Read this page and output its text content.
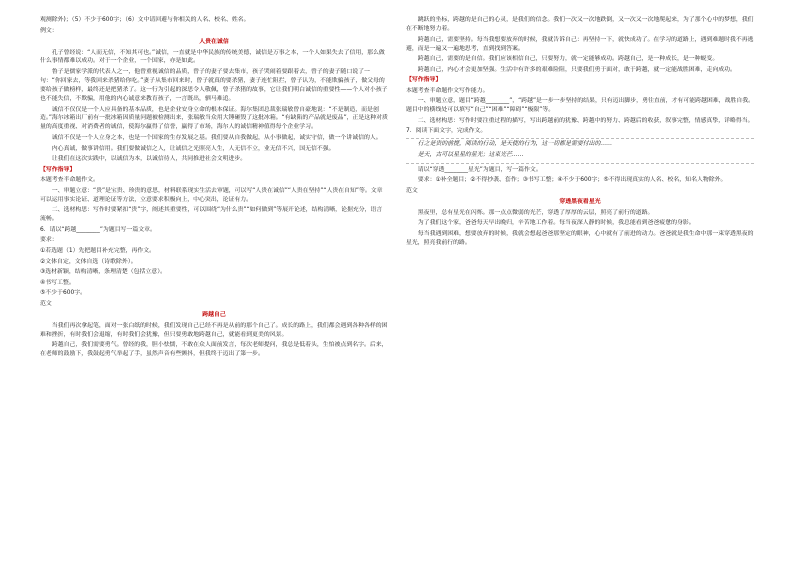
观测除外)；（5）不少于600字；（6）文中请回避与你相关的人名、校名、姓名。

例文：

人贵在诚信

孔子曾经说：“人而无信，不知其可也。”诚信，一直就是中华民族的传统美德，诚信是万事之本，一个人如果失去了信用，那么做什么事情都难以成功。对于一个企业，一个国家，亦是如此。

鲁子是儒家学派的代表人之一，他曾重视诚信的品质，曾子的妻子要去集市，孩子哭闹着要跟着去，曾子的妻子随口说了一句：“你回家去，等我回来杀猪给你吃。”妻子从集市回来时，曾子就真的要杀猪，妻子连忙阻拦，曾子认为，不能欺骗孩子，做父母的要给孩子做榜样，最终还是把猪杀了。这一行为引起的深思令人敬佩，曾子杀猪的故事，它让我们明白诚信的重要性——个人对小孩子也不能失信，不欺骗，用他的内心诚意来教育孩子，一言既出，驷马难追。

诚信不仅仅是一个人应具备的基本品质，也是企业安身立命的根本保证。海尔集团总裁张瑞敏曾自豪地说：“不是制造，而是创造。”海尔冰箱出厂前有一批冰箱因质量问题被检测出来，张瑞敏当众用大锤砸毁了这批冰箱。“有缺陷的产品就是废品”，正是这种对质量的高度重视、对消费者的诚信，使海尔赢得了信誉，赢得了市场，海尔人的诚信精神值得每个企业学习。

诚信不仅是一个人立身之本，也是一个国家的生存发展之基。我们要从自我做起，从小事做起，诚实守信，做一个讲诚信的人。

内心真诚，做事讲信用。我们要做诚信之人，让诚信之光照亮人生，人无信不立，业无信不兴，国无信不强。

让我们在这次实践中，以诚信为本，以诚信待人，共同推进社会文明进步。

【写作指导】

本题考查半命题作文。

一、审题立意：“贵”是宝贵、珍贵的意思，材料联系现实生活去审题，可以写“人贵在诚信”“人贵在坚持”“人贵在自知”等。文章可以运用事实论证、道理论证等方法，立意要求积极向上，中心突出，论证有力。

二、选材构思：写作时要紧扣“贵”字，阐述其重要性，可以围绕“为什么贵”“如何做到”等展开论述，结构清晰，论据充分，语言流畅。

6．请以“跨越________”为题目写一篇文章。

要求：

①若选题（1）先把题目补充完整，再作文。

②文体自定，文体自选（诗歌除外）。

③选材新颖，结构清晰，条理清楚（包括立意）。

④书写工整。

⑤不少于600字。

范文

跨越自己

当我们再次拿起笔，面对一张白纸的时候，我们发现自己已经不再是从前的那个自己了。成长的路上，我们都会遇到各种各样的困难和挫折，有时我们会退缩，有时我们会犹豫，但只要勇敢地跨越自己，就能看到更美的风景。

跨越自己，我们需要勇气。曾经的我，胆小怯懦，不敢在众人面前发言，每次老师提问，我总是低着头，生怕被点到名字。后来，在老师的鼓励下，我鼓起勇气举起了手，虽然声音有些颤抖，但我终于迈出了第一步。

跳跃的坐标，跨越的是自己的心灵，是我们的信念。我们一次又一次地跌倒，又一次又一次地爬起来，为了那个心中的梦想，我们在不断地努力着。

跨越自己，需要坚持。每当我想要放弃的时候，我就告诉自己：再坚持一下，就快成功了。在学习的道路上，遇到难题时我不再逃避，而是一遍又一遍地思考，直到找到答案。

跨越自己，需要的是自信。我们应该相信自己，只要努力，就一定能够成功。跨越自己，是一种成长，是一种蜕变。

跨越自己，内心才会更加坚强。生活中有许多的艰难险阻，只要我们勇于面对，敢于跨越，就一定能战胜困难，走向成功。

【写作指导】

本题考查半命题作文写作能力。

一、审题立意，题目“跨越________”，“跨越”是一步一步坚持的结果，只有迈出脚步，勇往直前，才有可能跨越困难，战胜自我。题目中的横线处可以填写“自己”“困难”“障碍”“极限”等。

二、选材构思：写作时要注重过程的描写，写出跨越前的犹豫、跨越中的努力、跨越后的收获，叙事完整，情感真挚，详略得当。

7．阅读下面文字，完成作文。

行之是贵的前提，阅读的行动，是天使的行为，这一切都是需要付出的……

是天，古可以星星的星光；这束光芒……

请以“穿透________星光”为题目，写一篇作文。

要求：①补全题目；②不得抄袭、套作；③书写工整；④不少于600字；⑤不得出现真实的人名、校名，知名人物除外。

范文

穿透黑夜看星光

黑夜里，总有星光在闪烁。那一点点微弱的光芒，穿透了厚厚的云层，照亮了前行的道路。

为了我们这个家，爸爸每天早出晚归，辛苦地工作着。每当夜深人静的时候，我总能看到爸爸疲惫的身影。

每当我遇到困难，想要放弃的时候，我就会想起爸爸那坚定的眼神，心中就有了前进的动力。爸爸就是我生命中那一束穿透黑夜的星光，照亮我前行的路。
